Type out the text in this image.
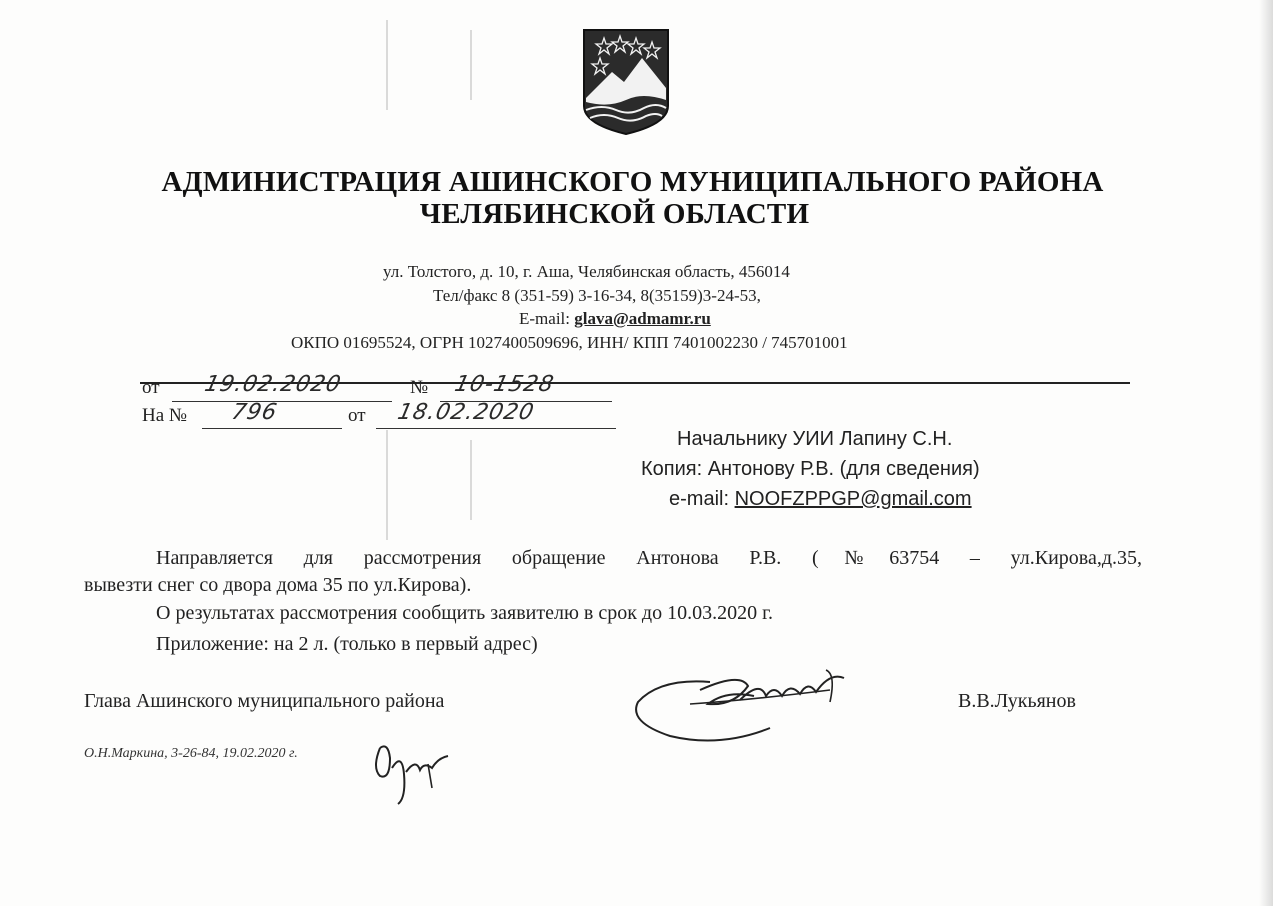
АДМИНИСТРАЦИЯ АШИНСКОГО МУНИЦИПАЛЬНОГО РАЙОНА
ЧЕЛЯБИНСКОЙ ОБЛАСТИ
ул. Толстого, д. 10, г. Аша, Челябинская область, 456014
Тел/факс 8 (351-59) 3-16-34, 8(35159)3-24-53,
E-mail: glava@admamr.ru
ОКПО 01695524, ОГРН 1027400509696, ИНН/ КПП 7401002230 / 745701001
от 19.02.2020	№ 10-1528
На № 796	от 18.02.2020
Начальнику УИИ Лапину С.Н.
Копия: Антонову Р.В. (для сведения)
e-mail: NOOFZPPGP@gmail.com
Направляется для рассмотрения обращение Антонова Р.В. (№63754 – ул.Кирова,д.35,
вывезти снег со двора дома 35 по ул.Кирова).
О результатах рассмотрения сообщить заявителю в срок до 10.03.2020 г.
Приложение: на 2 л. (только в первый адрес)
Глава Ашинского муниципального района	В.В.Лукьянов
О.Н.Маркина, 3-26-84, 19.02.2020 г.
